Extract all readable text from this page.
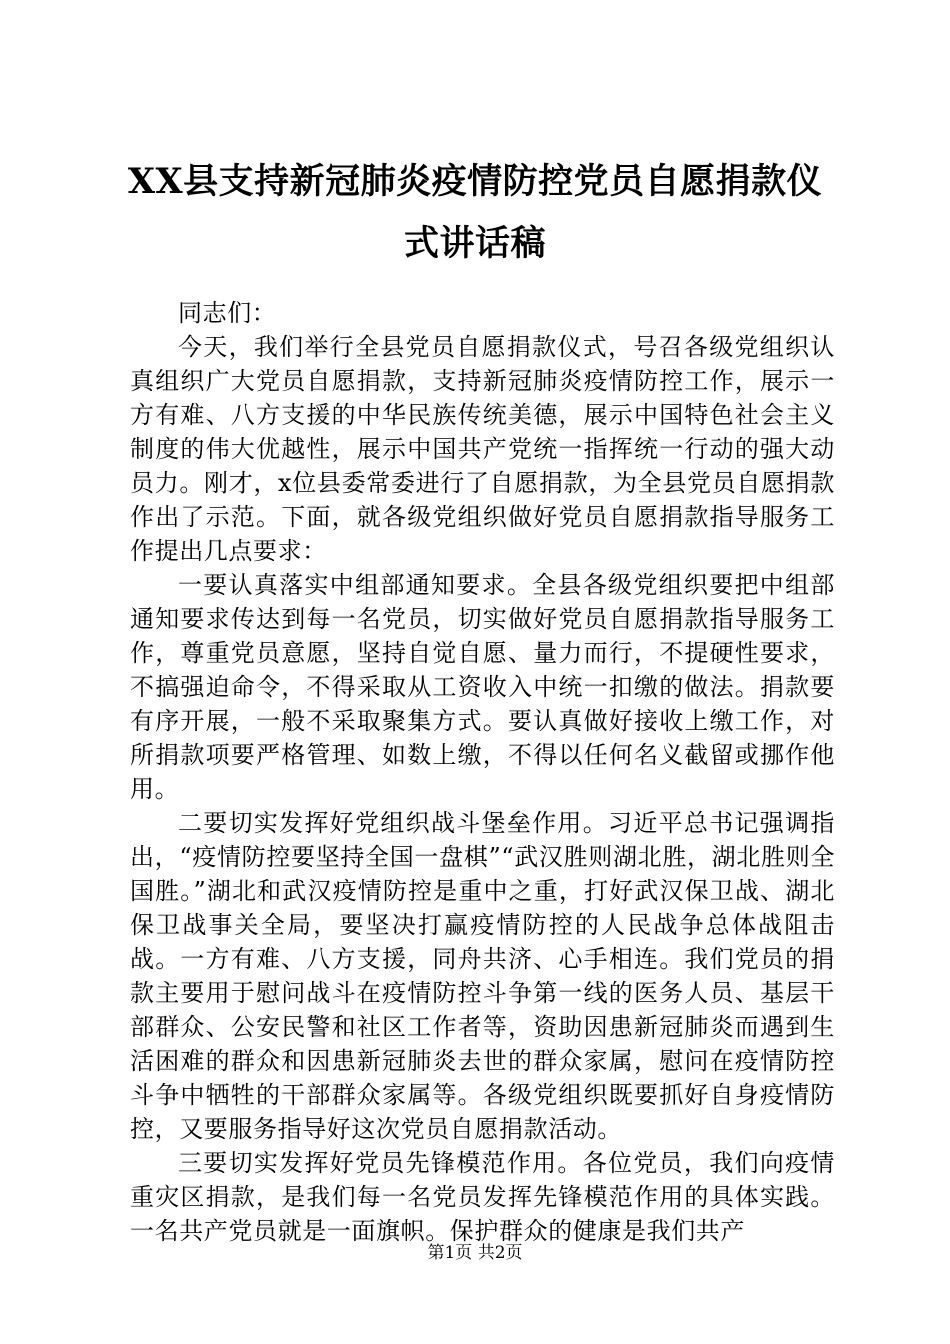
XX县支持新冠肺炎疫情防控党员自愿捐款仪
式讲话稿

同志们：

今天，我们举行全县党员自愿捐款仪式，号召各级党组织认真组织广大党员自愿捐款，支持新冠肺炎疫情防控工作，展示一方有难、八方支援的中华民族传统美德，展示中国特色社会主义制度的伟大优越性，展示中国共产党统一指挥统一行动的强大动员力。刚才，x位县委常委进行了自愿捐款，为全县党员自愿捐款作出了示范。下面，就各级党组织做好党员自愿捐款指导服务工作提出几点要求：

一要认真落实中组部通知要求。全县各级党组织要把中组部通知要求传达到每一名党员，切实做好党员自愿捐款指导服务工作，尊重党员意愿，坚持自觉自愿、量力而行，不提硬性要求，不搞强迫命令，不得采取从工资收入中统一扣缴的做法。捐款要有序开展，一般不采取聚集方式。要认真做好接收上缴工作，对所捐款项要严格管理、如数上缴，不得以任何名义截留或挪作他用。

二要切实发挥好党组织战斗堡垒作用。习近平总书记强调指出，“疫情防控要坚持全国一盘棋”“武汉胜则湖北胜，湖北胜则全国胜。”湖北和武汉疫情防控是重中之重，打好武汉保卫战、湖北保卫战事关全局，要坚决打赢疫情防控的人民战争总体战阻击战。一方有难、八方支援，同舟共济、心手相连。我们党员的捐款主要用于慰问战斗在疫情防控斗争第一线的医务人员、基层干部群众、公安民警和社区工作者等，资助因患新冠肺炎而遇到生活困难的群众和因患新冠肺炎去世的群众家属，慰问在疫情防控斗争中牺牲的干部群众家属等。各级党组织既要抓好自身疫情防控，又要服务指导好这次党员自愿捐款活动。

三要切实发挥好党员先锋模范作用。各位党员，我们向疫情重灾区捐款，是我们每一名党员发挥先锋模范作用的具体实践。一名共产党员就是一面旗帜。保护群众的健康是我们共产

第1页 共2页
